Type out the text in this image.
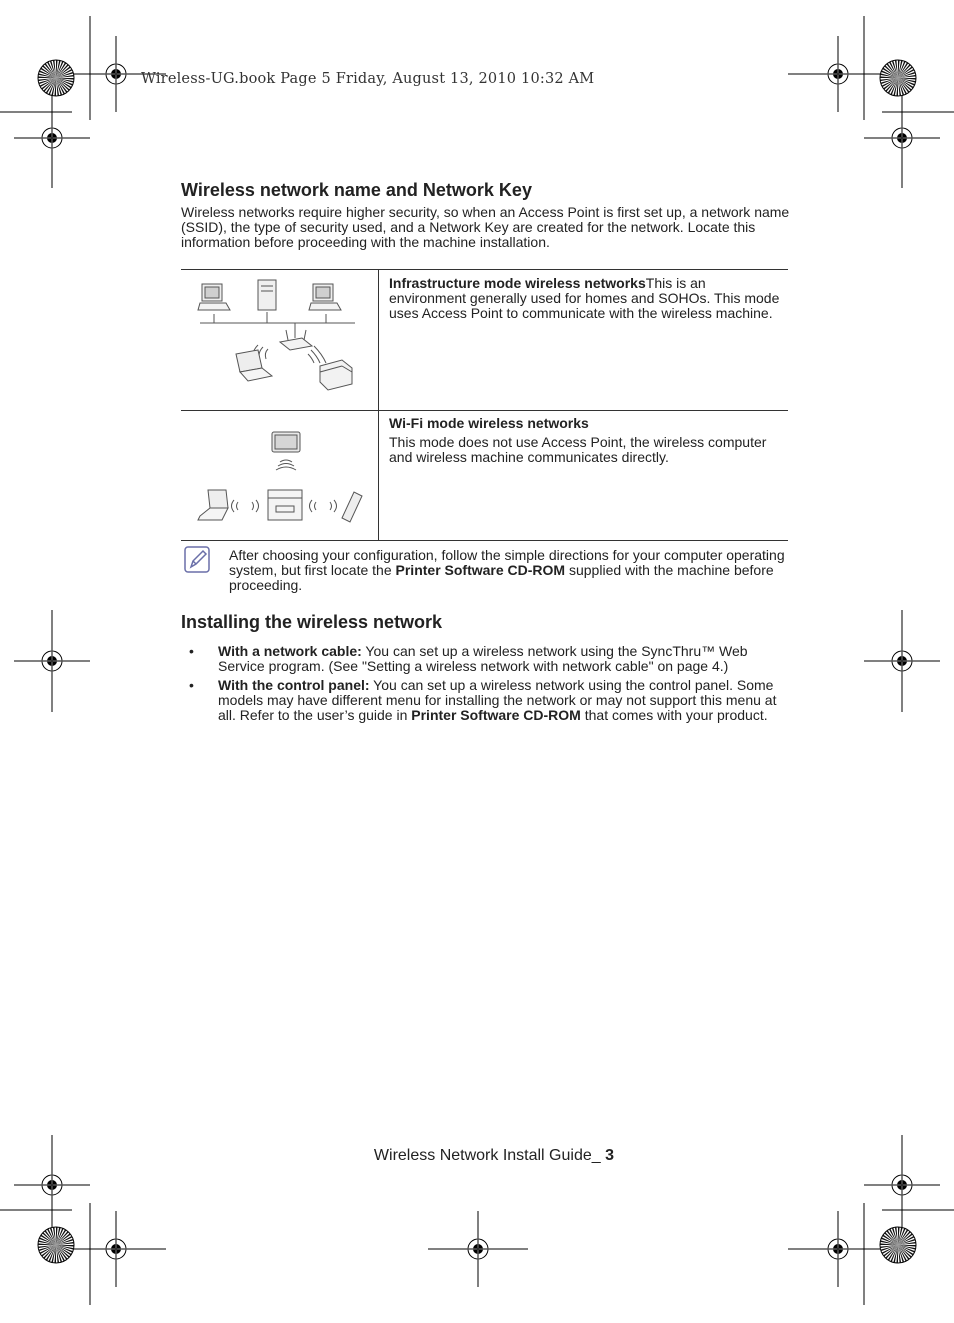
Wireless-UG.book Page 5 Friday, August 13, 2010 10:32 AM
Wireless network name and Network Key
Wireless networks require higher security, so when an Access Point is first set up, a network name (SSID), the type of security used, and a Network Key are created for the network. Locate this information before proceeding with the machine installation.
Infrastructure mode wireless networksThis is an environment generally used for homes and SOHOs. This mode uses Access Point to communicate with the wireless machine.
Wi-Fi mode wireless networks
This mode does not use Access Point, the wireless computer and wireless machine communicates directly.
After choosing your configuration, follow the simple directions for your computer operating system, but first locate the Printer Software CD-ROM supplied with the machine before proceeding.
Installing the wireless network
• With a network cable: You can set up a wireless network using the SyncThru™ Web Service program. (See "Setting a wireless network with network cable" on page 4.)
• With the control panel: You can set up a wireless network using the control panel. Some models may have different menu for installing the network or may not support this menu at all. Refer to the user’s guide in Printer Software CD-ROM that comes with your product.
Wireless Network Install Guide_ 3
